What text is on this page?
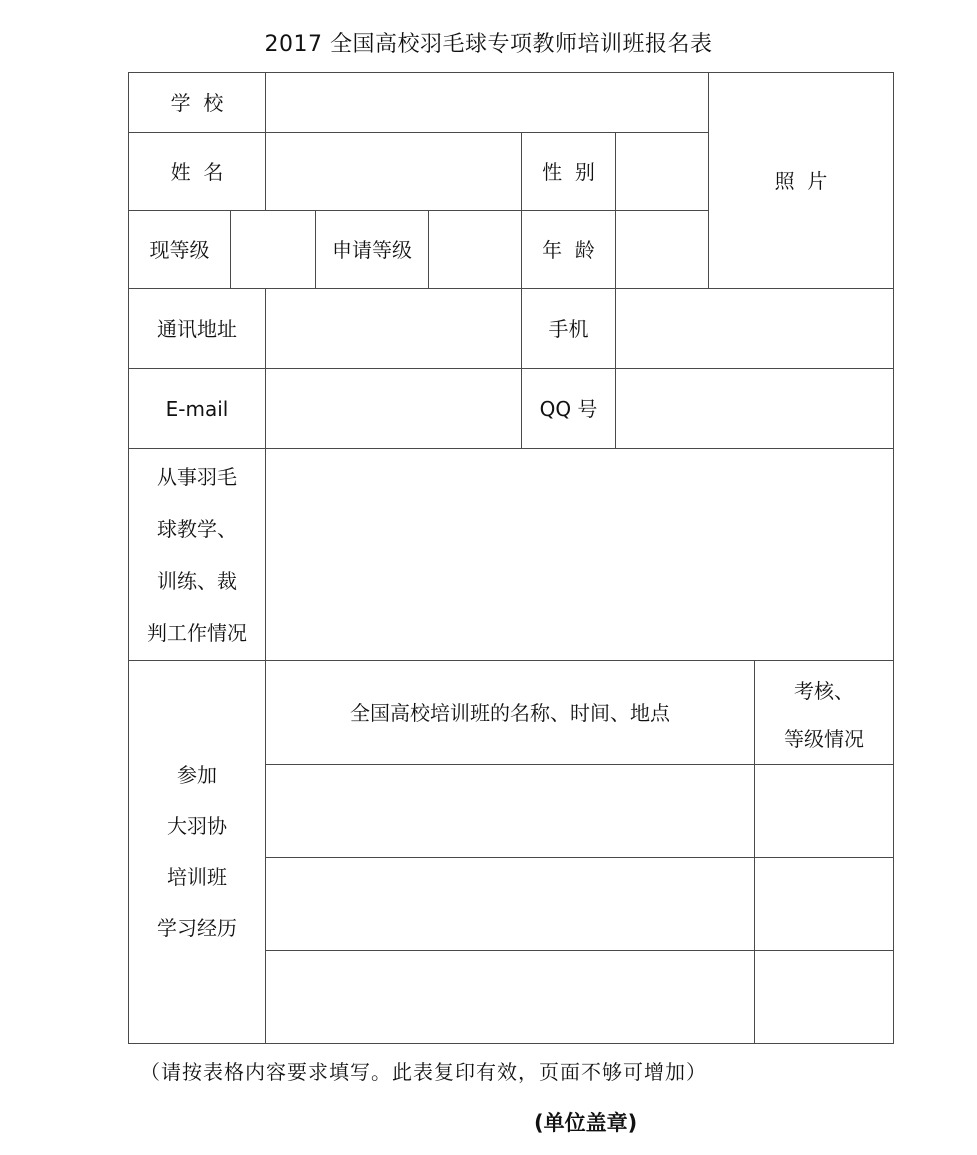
2017 全国高校羽毛球专项教师培训班报名表
学  校
照  片
姓  名	性  别
现等级	申请等级	年  龄
通讯地址	手机
E-mail	QQ 号
从事羽毛
球教学、
训练、裁
判工作情况
参加
大羽协
培训班
学习经历
全国高校培训班的名称、时间、地点
考核、
等级情况
（请按表格内容要求填写。此表复印有效，页面不够可增加）
(单位盖章)
